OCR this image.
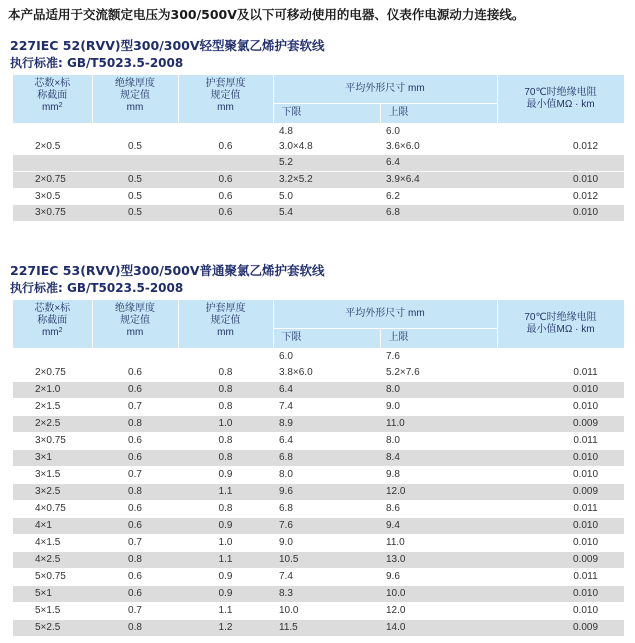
本产品适用于交流额定电压为300/500V及以下可移动使用的电器、仪表作电源动力连接线。
227IEC 52(RVV)型300/300V轻型聚氯乙烯护套软线
执行标准: GB/T5023.5-2008
芯数×标
称截面
$mm^2$	绝缘厚度
规定值
mm	护套厚度
规定值
mm	平均外形尺寸 mm		70℃时绝缘电阻
最小值MΩ · km
			下限	上限	
			4.8	6.0	
2×0.5	0.5	0.6	3.0×4.8	3.6×6.0	0.012
			5.2	6.4	
2×0.75	0.5	0.6	3.2×5.2	3.9×6.4	0.010
3×0.5	0.5	0.6	5.0	6.2	0.012
3×0.75	0.5	0.6	5.4	6.8	0.010
227IEC 53(RVV)型300/500V普通聚氯乙烯护套软线
执行标准: GB/T5023.5-2008
芯数×标
称截面
$mm^2$	绝缘厚度
规定值
mm	护套厚度
规定值
mm	平均外形尺寸 mm		70℃时绝缘电阻
最小值MΩ · km
			下限	上限	
			6.0	7.6	
2×0.75	0.6	0.8	3.8×6.0	5.2×7.6	0.011
2×1.0	0.6	0.8	6.4	8.0	0.010
2×1.5	0.7	0.8	7.4	9.0	0.010
2×2.5	0.8	1.0	8.9	11.0	0.009
3×0.75	0.6	0.8	6.4	8.0	0.011
3×1	0.6	0.8	6.8	8.4	0.010
3×1.5	0.7	0.9	8.0	9.8	0.010
3×2.5	0.8	1.1	9.6	12.0	0.009
4×0.75	0.6	0.8	6.8	8.6	0.011
4×1	0.6	0.9	7.6	9.4	0.010
4×1.5	0.7	1.0	9.0	11.0	0.010
4×2.5	0.8	1.1	10.5	13.0	0.009
5×0.75	0.6	0.9	7.4	9.6	0.011
5×1	0.6	0.9	8.3	10.0	0.010
5×1.5	0.7	1.1	10.0	12.0	0.010
5×2.5	0.8	1.2	11.5	14.0	0.009
